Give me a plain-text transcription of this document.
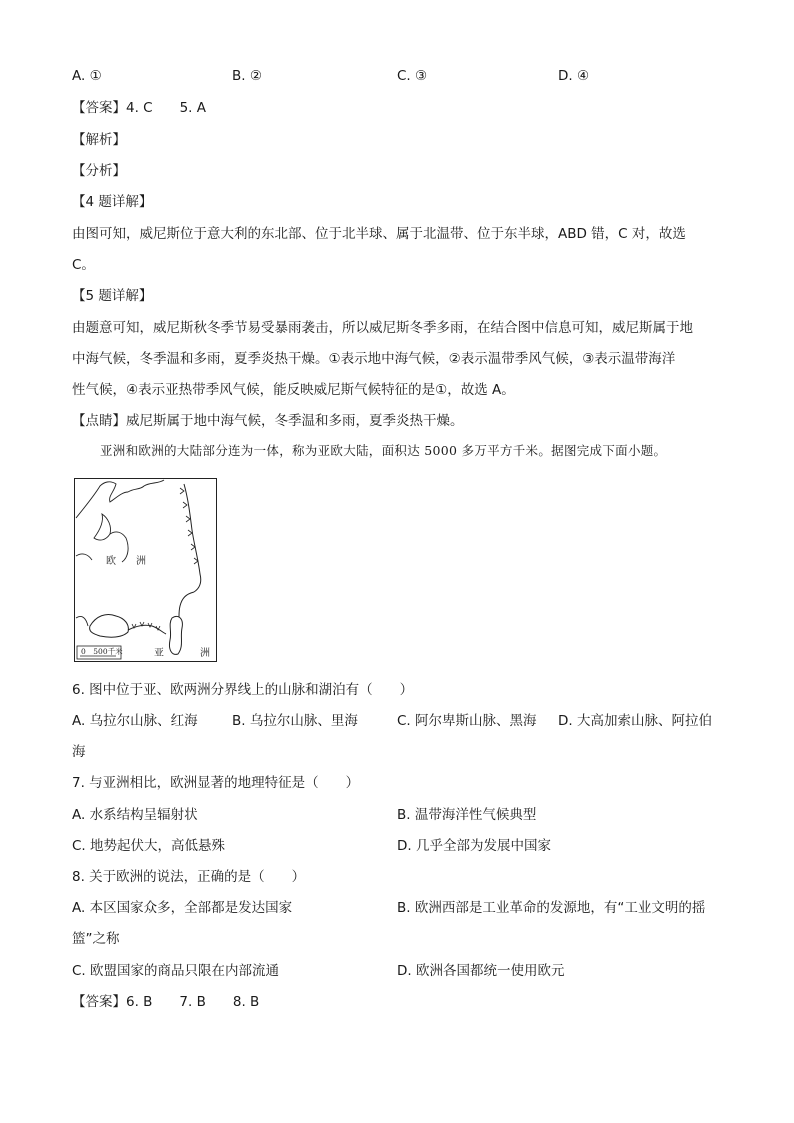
A. ①	B. ②	C. ③	D. ④
【答案】4. C　　5. A
【解析】
【分析】
【4 题详解】
由图可知，威尼斯位于意大利的东北部、位于北半球、属于北温带、位于东半球，ABD 错，C 对，故选
C。
【5 题详解】
由题意可知，威尼斯秋冬季节易受暴雨袭击，所以威尼斯冬季多雨，在结合图中信息可知，威尼斯属于地
中海气候，冬季温和多雨，夏季炎热干燥。①表示地中海气候，②表示温带季风气候，③表示温带海洋
性气候，④表示亚热带季风气候，能反映威尼斯气候特征的是①，故选 A。
【点睛】威尼斯属于地中海气候，冬季温和多雨，夏季炎热干燥。
亚洲和欧洲的大陆部分连为一体，称为亚欧大陆，面积达 5000 多万平方千米。据图完成下面小题。
0　500千米
欧　　洲
亚	洲
6. 图中位于亚、欧两洲分界线上的山脉和湖泊有（　　）
A. 乌拉尔山脉、红海	B. 乌拉尔山脉、里海	C. 阿尔卑斯山脉、黑海 D. 大高加索山脉、阿拉伯
海
7. 与亚洲相比，欧洲显著的地理特征是（　　）
A. 水系结构呈辐射状	B. 温带海洋性气候典型
C. 地势起伏大，高低悬殊	D. 几乎全部为发展中国家
8. 关于欧洲的说法，正确的是（　　）
A. 本区国家众多，全部都是发达国家	B. 欧洲西部是工业革命的发源地，有“工业文明的摇
篮”之称
C. 欧盟国家的商品只限在内部流通	D. 欧洲各国都统一使用欧元
【答案】6. B　　7. B　　8. B
